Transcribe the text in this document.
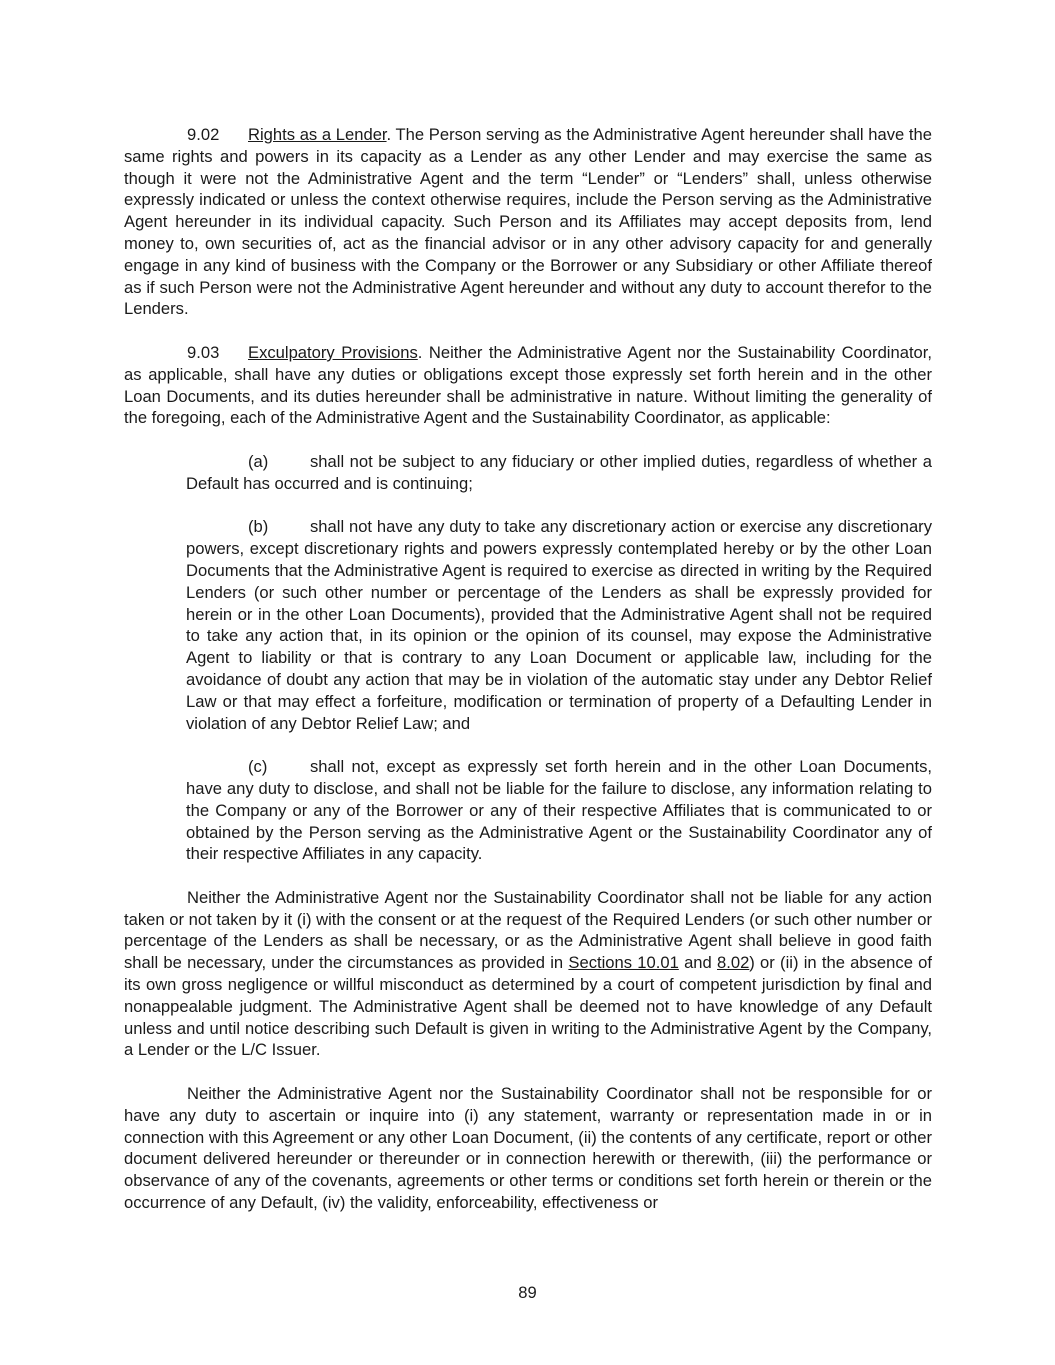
9.02 Rights as a Lender. The Person serving as the Administrative Agent hereunder shall have the same rights and powers in its capacity as a Lender as any other Lender and may exercise the same as though it were not the Administrative Agent and the term “Lender” or “Lenders” shall, unless otherwise expressly indicated or unless the context otherwise requires, include the Person serving as the Administrative Agent hereunder in its individual capacity. Such Person and its Affiliates may accept deposits from, lend money to, own securities of, act as the financial advisor or in any other advisory capacity for and generally engage in any kind of business with the Company or the Borrower or any Subsidiary or other Affiliate thereof as if such Person were not the Administrative Agent hereunder and without any duty to account therefor to the Lenders.

9.03 Exculpatory Provisions. Neither the Administrative Agent nor the Sustainability Coordinator, as applicable, shall have any duties or obligations except those expressly set forth herein and in the other Loan Documents, and its duties hereunder shall be administrative in nature. Without limiting the generality of the foregoing, each of the Administrative Agent and the Sustainability Coordinator, as applicable:

(a)	shall not be subject to any fiduciary or other implied duties, regardless of whether a Default has occurred and is continuing;

(b)	shall not have any duty to take any discretionary action or exercise any discretionary powers, except discretionary rights and powers expressly contemplated hereby or by the other Loan Documents that the Administrative Agent is required to exercise as directed in writing by the Required Lenders (or such other number or percentage of the Lenders as shall be expressly provided for herein or in the other Loan Documents), provided that the Administrative Agent shall not be required to take any action that, in its opinion or the opinion of its counsel, may expose the Administrative Agent to liability or that is contrary to any Loan Document or applicable law, including for the avoidance of doubt any action that may be in violation of the automatic stay under any Debtor Relief Law or that may effect a forfeiture, modification or termination of property of a Defaulting Lender in violation of any Debtor Relief Law; and

(c)	shall not, except as expressly set forth herein and in the other Loan Documents, have any duty to disclose, and shall not be liable for the failure to disclose, any information relating to the Company or any of the Borrower or any of their respective Affiliates that is communicated to or obtained by the Person serving as the Administrative Agent or the Sustainability Coordinator any of their respective Affiliates in any capacity.

Neither the Administrative Agent nor the Sustainability Coordinator shall not be liable for any action taken or not taken by it (i) with the consent or at the request of the Required Lenders (or such other number or percentage of the Lenders as shall be necessary, or as the Administrative Agent shall believe in good faith shall be necessary, under the circumstances as provided in Sections 10.01 and 8.02) or (ii) in the absence of its own gross negligence or willful misconduct as determined by a court of competent jurisdiction by final and nonappealable judgment. The Administrative Agent shall be deemed not to have knowledge of any Default unless and until notice describing such Default is given in writing to the Administrative Agent by the Company, a Lender or the L/C Issuer.

Neither the Administrative Agent nor the Sustainability Coordinator shall not be responsible for or have any duty to ascertain or inquire into (i) any statement, warranty or representation made in or in connection with this Agreement or any other Loan Document, (ii) the contents of any certificate, report or other document delivered hereunder or thereunder or in connection herewith or therewith, (iii) the performance or observance of any of the covenants, agreements or other terms or conditions set forth herein or therein or the occurrence of any Default, (iv) the validity, enforceability, effectiveness or

89
